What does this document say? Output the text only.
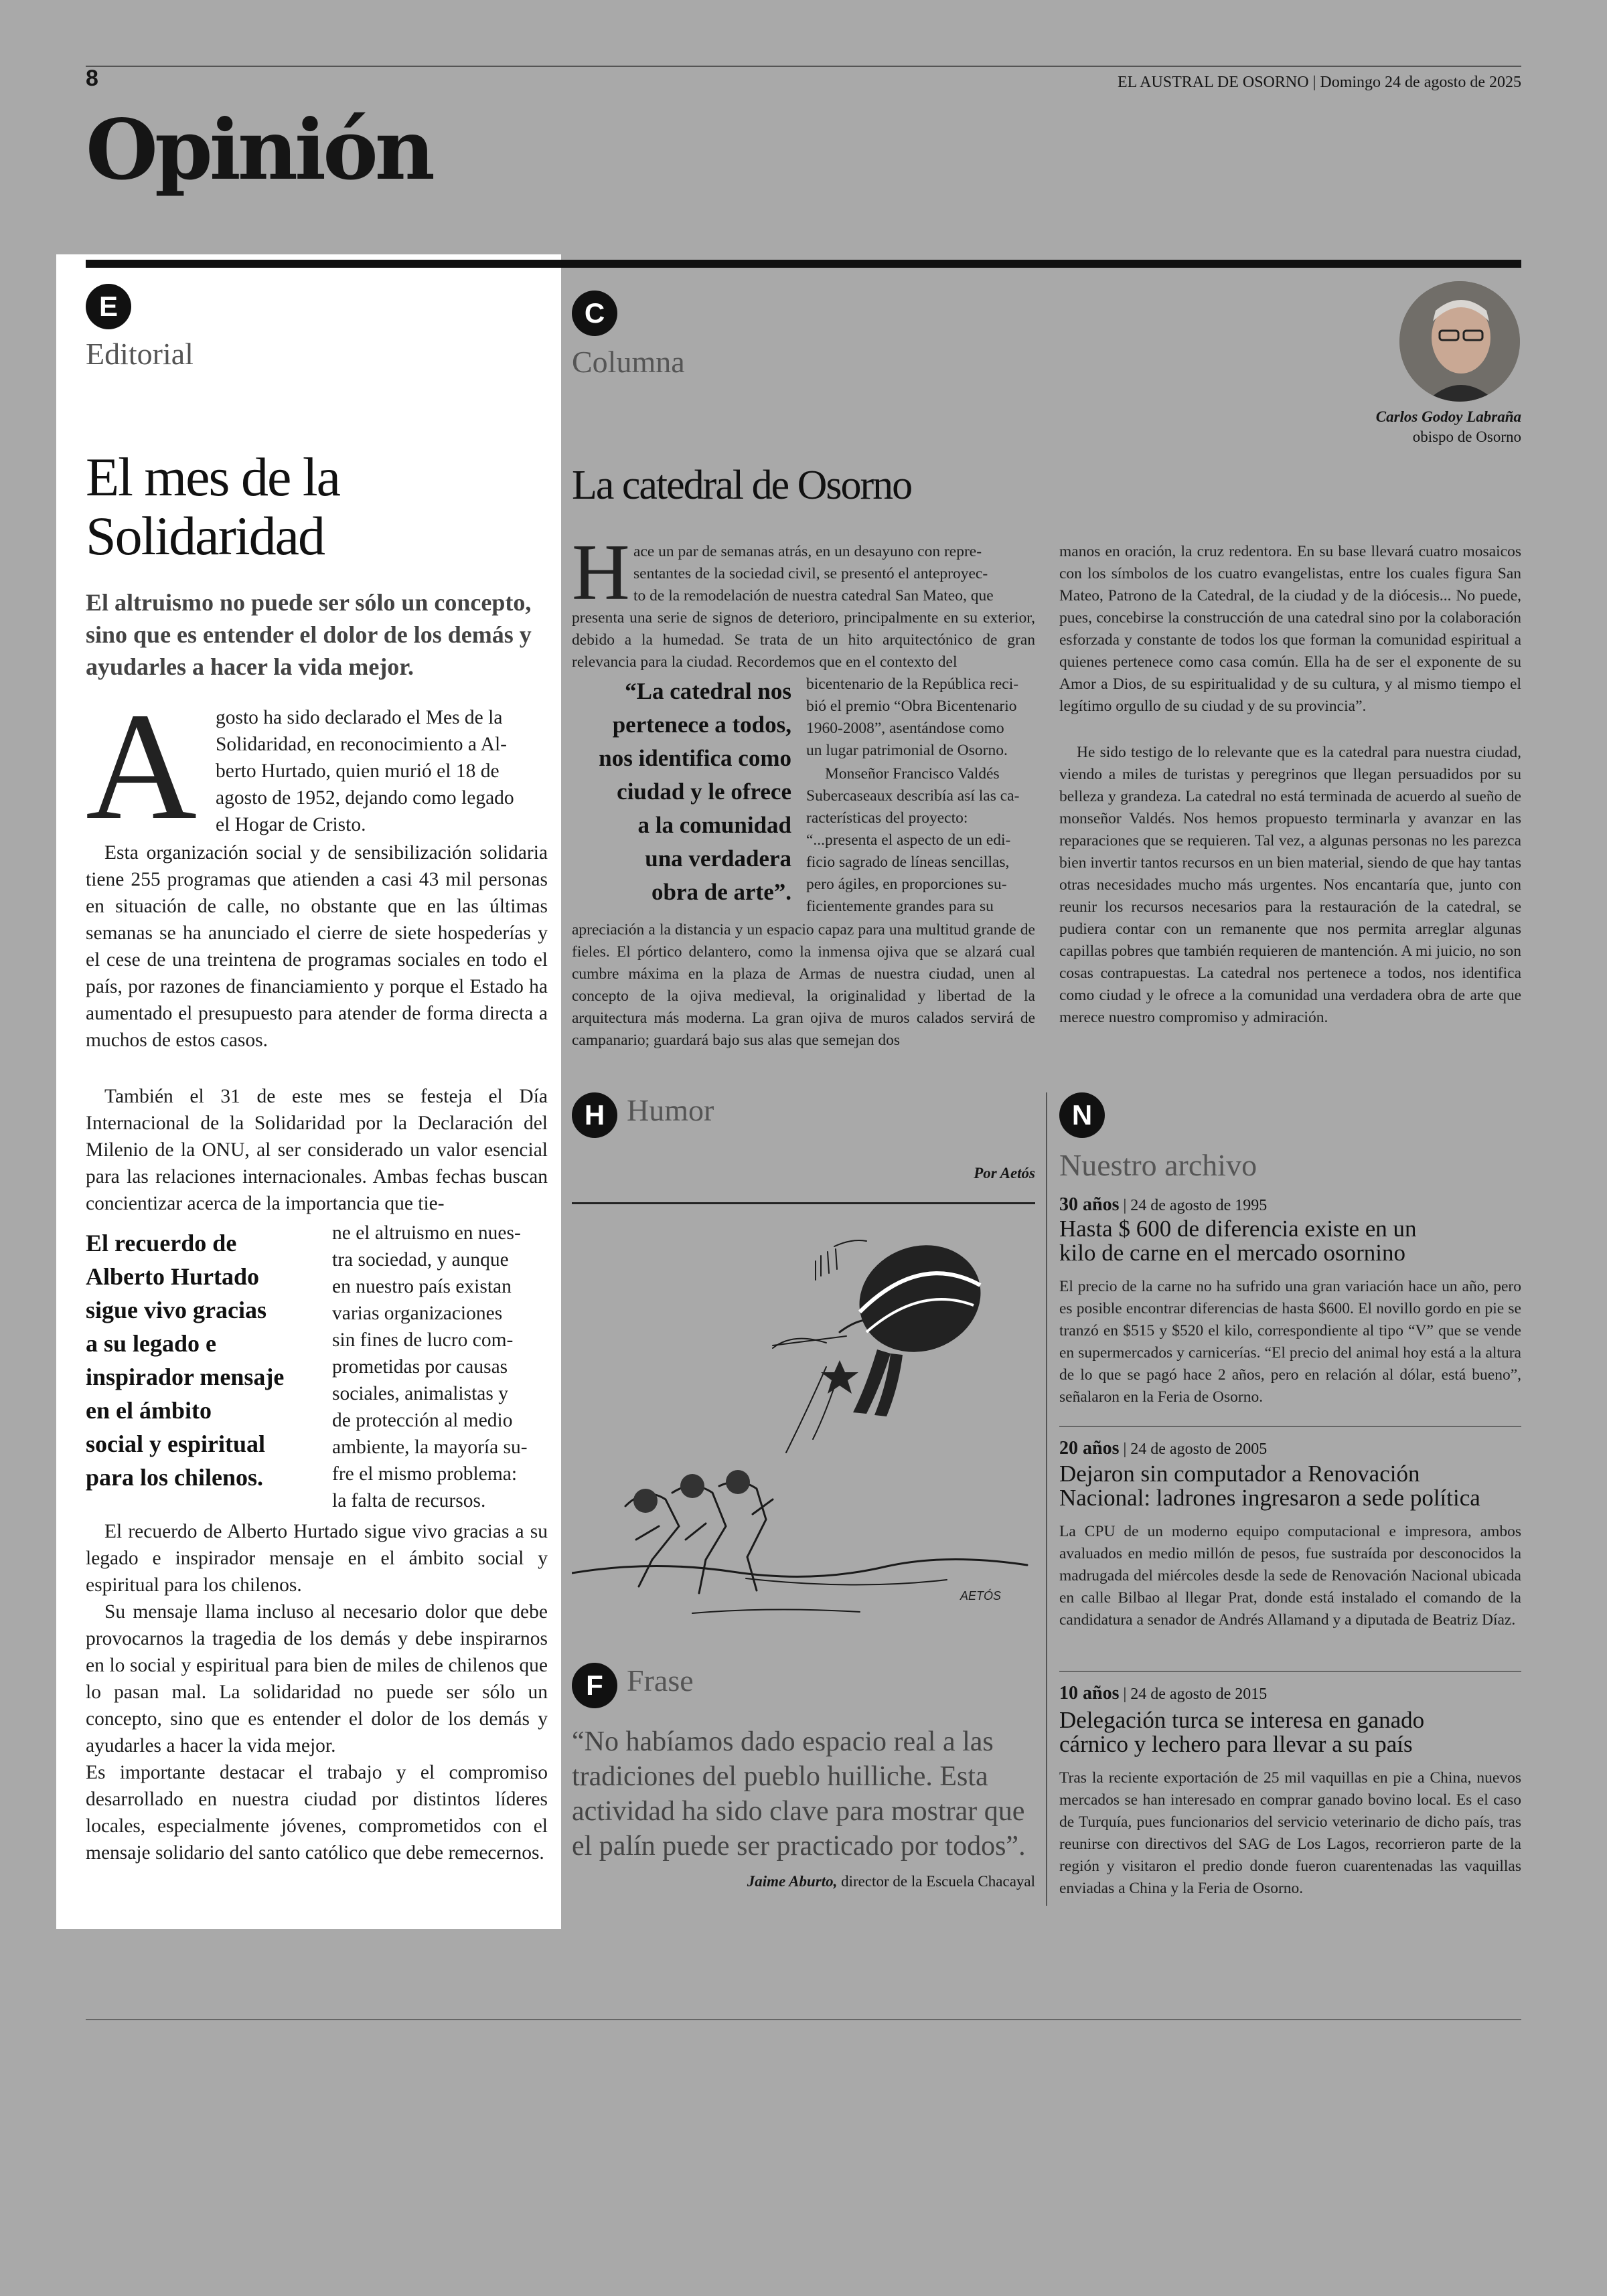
8	EL AUSTRAL DE OSORNO | Domingo 24 de agosto de 2025
Opinión
E
Editorial
El mes de la
Solidaridad
El altruismo no puede ser sólo un concepto, sino que es entender el dolor de los demás y ayudarles a hacer la vida mejor.
A gosto ha sido declarado el Mes de la
Solidaridad, en reconocimiento a Al-
berto Hurtado, quien murió el 18 de
agosto de 1952, dejando como legado
el Hogar de Cristo.
Esta organización social y de sensibilización solidaria tiene 255 programas que atienden a casi 43 mil personas en situación de calle, no obstante que en las últimas semanas se ha anunciado el cierre de siete hospederías y el cese de una treintena de programas sociales en todo el país, por razones de financiamiento y porque el Estado ha aumentado el presupuesto para atender de forma directa a muchos de estos casos.
También el 31 de este mes se festeja el Día Internacional de la Solidaridad por la Declaración del Milenio de la ONU, al ser considerado un valor esencial para las relaciones internacionales. Ambas fechas buscan concientizar acerca de la importancia que tie-
El recuerdo de
Alberto Hurtado
sigue vivo gracias
a su legado e
inspirador mensaje
en el ámbito
social y espiritual
para los chilenos.
ne el altruismo en nues-
tra sociedad, y aunque
en nuestro país existan
varias organizaciones
sin fines de lucro com-
prometidas por causas
sociales, animalistas y
de protección al medio
ambiente, la mayoría su-
fre el mismo problema:
la falta de recursos.
El recuerdo de Alberto Hurtado sigue vivo gracias a su legado e inspirador mensaje en el ámbito social y espiritual para los chilenos.
Su mensaje llama incluso al necesario dolor que debe provocarnos la tragedia de los demás y debe inspirarnos en lo social y espiritual para bien de miles de chilenos que lo pasan mal. La solidaridad no puede ser sólo un concepto, sino que es entender el dolor de los demás y ayudarles a hacer la vida mejor.
Es importante destacar el trabajo y el compromiso desarrollado en nuestra ciudad por distintos líderes locales, especialmente jóvenes, comprometidos con el mensaje solidario del santo católico que debe remecernos.
C
Columna
Carlos Godoy Labraña
obispo de Osorno
La catedral de Osorno
H ace un par de semanas atrás, en un desayuno con repre-
sentantes de la sociedad civil, se presentó el anteproyec-
to de la remodelación de nuestra catedral San Mateo, que
presenta una serie de signos de deterioro, principalmente en su exterior, debido a la humedad. Se trata de un hito arquitectónico de gran relevancia para la ciudad. Recordemos que en el contexto del
“La catedral nos
pertenece a todos,
nos identifica como
ciudad y le ofrece
a la comunidad
una verdadera
obra de arte”.
bicentenario de la República reci-
bió el premio “Obra Bicentenario
1960-2008”, asentándose como
un lugar patrimonial de Osorno.
Monseñor Francisco Valdés
Subercaseaux describía así las ca-
racterísticas del proyecto:
“...presenta el aspecto de un edi-
ficio sagrado de líneas sencillas,
pero ágiles, en proporciones su-
ficientemente grandes para su
apreciación a la distancia y un espacio capaz para una multitud grande de fieles. El pórtico delantero, como la inmensa ojiva que se alzará cual cumbre máxima en la plaza de Armas de nuestra ciudad, unen al concepto de la ojiva medieval, la originalidad y libertad de la arquitectura más moderna. La gran ojiva de muros calados servirá de campanario; guardará bajo sus alas que semejan dos
manos en oración, la cruz redentora. En su base llevará cuatro mosaicos con los símbolos de los cuatro evangelistas, entre los cuales figura San Mateo, Patrono de la Catedral, de la ciudad y de la diócesis... No puede, pues, concebirse la construcción de una catedral sino por la colaboración esforzada y constante de todos los que forman la comunidad espiritual a quienes pertenece como casa común. Ella ha de ser el exponente de su Amor a Dios, de su espiritualidad y de su cultura, y al mismo tiempo el legítimo orgullo de su ciudad y de su provincia”.
He sido testigo de lo relevante que es la catedral para nuestra ciudad, viendo a miles de turistas y peregrinos que llegan persuadidos por su belleza y grandeza. La catedral no está terminada de acuerdo al sueño de monseñor Valdés. Nos hemos propuesto terminarla y avanzar en las reparaciones que se requieren. Tal vez, a algunas personas no les parezca bien invertir tantos recursos en un bien material, siendo de que hay tantas otras necesidades mucho más urgentes. Nos encantaría que, junto con reunir los recursos necesarios para la restauración de la catedral, se pudiera contar con un remanente que nos permita arreglar algunas capillas pobres que también requieren de mantención. A mi juicio, no son cosas contrapuestas. La catedral nos pertenece a todos, nos identifica como ciudad y le ofrece a la comunidad una verdadera obra de arte que merece nuestro compromiso y admiración.
H Humor
Por Aetós
AETÓS
F Frase
“No habíamos dado espacio real a las tradiciones del pueblo huilliche. Esta actividad ha sido clave para mostrar que el palín puede ser practicado por todos”.
Jaime Aburto, director de la Escuela Chacayal
N
Nuestro archivo
30 años | 24 de agosto de 1995
Hasta $ 600 de diferencia existe en un
kilo de carne en el mercado osornino
El precio de la carne no ha sufrido una gran variación hace un año, pero es posible encontrar diferencias de hasta $600. El novillo gordo en pie se tranzó en $515 y $520 el kilo, correspondiente al tipo “V” que se vende en supermercados y carnicerías. “El precio del animal hoy está a la altura de lo que se pagó hace 2 años, pero en relación al dólar, está bueno”, señalaron en la Feria de Osorno.
20 años | 24 de agosto de 2005
Dejaron sin computador a Renovación
Nacional: ladrones ingresaron a sede política
La CPU de un moderno equipo computacional e impresora, ambos avaluados en medio millón de pesos, fue sustraída por desconocidos la madrugada del miércoles desde la sede de Renovación Nacional ubicada en calle Bilbao al llegar Prat, donde está instalado el comando de la candidatura a senador de Andrés Allamand y a diputada de Beatriz Díaz.
10 años | 24 de agosto de 2015
Delegación turca se interesa en ganado
cárnico y lechero para llevar a su país
Tras la reciente exportación de 25 mil vaquillas en pie a China, nuevos mercados se han interesado en comprar ganado bovino local. Es el caso de Turquía, pues funcionarios del servicio veterinario de dicho país, tras reunirse con directivos del SAG de Los Lagos, recorrieron parte de la región y visitaron el predio donde fueron cuarentenadas las vaquillas enviadas a China y la Feria de Osorno.
